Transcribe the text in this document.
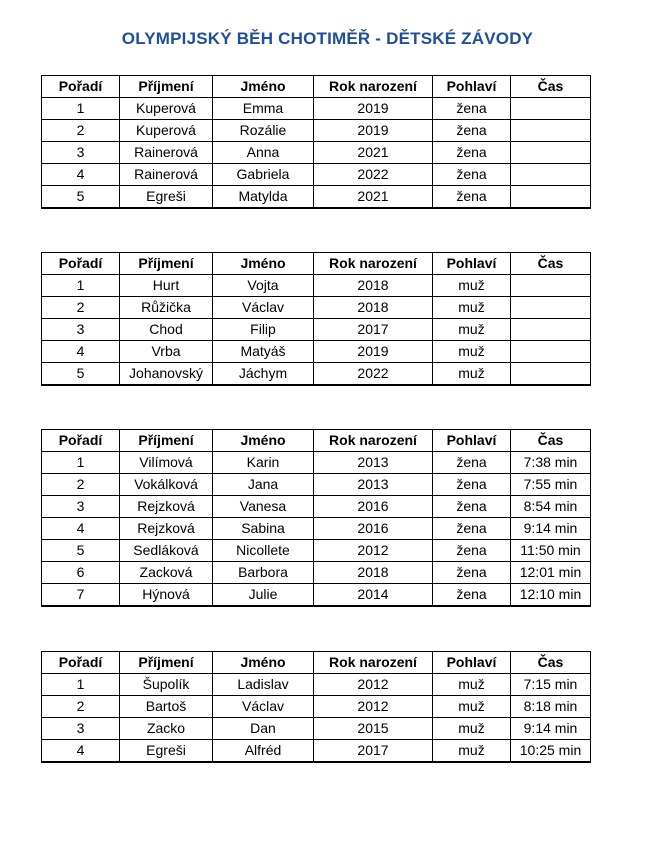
OLYMPIJSKÝ BĚH CHOTIMĚŘ - DĚTSKÉ ZÁVODY
Pořadí	Příjmení	Jméno	Rok narození	Pohlaví	Čas
1	Kuperová	Emma	2019	žena	
2	Kuperová	Rozálie	2019	žena	
3	Rainerová	Anna	2021	žena	
4	Rainerová	Gabriela	2022	žena	
5	Egreši	Matylda	2021	žena	
Pořadí	Příjmení	Jméno	Rok narození	Pohlaví	Čas
1	Hurt	Vojta	2018	muž	
2	Růžička	Václav	2018	muž	
3	Chod	Filip	2017	muž	
4	Vrba	Matyáš	2019	muž	
5	Johanovský	Jáchym	2022	muž	
Pořadí	Příjmení	Jméno	Rok narození	Pohlaví	Čas
1	Vilímová	Karin	2013	žena	7:38 min
2	Vokálková	Jana	2013	žena	7:55 min
3	Rejzková	Vanesa	2016	žena	8:54 min
4	Rejzková	Sabina	2016	žena	9:14 min
5	Sedláková	Nicollete	2012	žena	11:50 min
6	Zacková	Barbora	2018	žena	12:01 min
7	Hýnová	Julie	2014	žena	12:10 min
Pořadí	Příjmení	Jméno	Rok narození	Pohlaví	Čas
1	Šupolík	Ladislav	2012	muž	7:15 min
2	Bartoš	Václav	2012	muž	8:18 min
3	Zacko	Dan	2015	muž	9:14 min
4	Egreši	Alfréd	2017	muž	10:25 min
